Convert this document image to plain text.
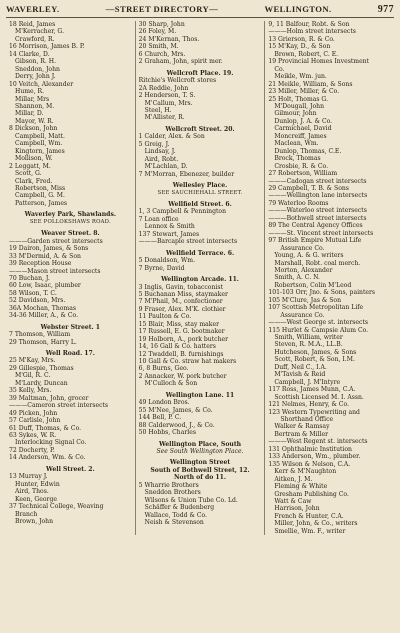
WAVERLEY.	—STREET DIRECTORY—	WELLINGTON.	977
18 Reid, James
M'Kerracher, G.
Crawford, R.
16 Morrison, James B. P.
14 Clarke, D.
Gibson, R. H.
Sneddon, John
Derry, John J.
10 Veitch, Alexander
Hume, R.
Millar, Mrs
Shannon, M.
Millar, D.
Mayor, W. R.
8 Dickson, John
Campbell, Matt.
Campbell, Wm.
Kingtorn, James
Mollison, W.
2 Leggatt, M.
Scott, G.
Clark, Fred.
Robertson, Miss
Campbell, G. M.
Patterson, James
Waverley Park, Shawlands.
SEE POLLOKSHAWS ROAD.
Weaver Street. 8.
———Garden street intersects
19 Dairon, James, & Sons
33 M'Dermid, A. & Son
39 Reception House
———Mason street intersects
70 Buchan, J.
60 Low, Isaac, plumber
58 Wilson, T. C.
52 Davidson, Mrs.
36A Mochan, Thomas
34-36 Miller, A., & Co.
Webster Street. 1
7 Thomson, William
29 Thomson, Harry L.
Well Road. 17.
25 M'Kay, Mrs.
29 Gillespie, Thomas
M'Gil, R. C.
M'Lardy, Duncan
35 Kelly, Mrs.
39 Maltman, John, grocer
———Cameron street intersects
49 Picken, John
57 Carlisle, John
61 Duff, Thomas, & Co.
63 Sykes, W. R.
Interlocking Signal Co.
72 Docherty, P.
14 Anderson, Wm. & Co.
Well Street. 2.
13 Murray J.
Hunter, Edwin
Aird, Thos.
Keen, George
37 Technical College, Weaving
Branch
Brown, John
30 Sharp, John
26 Foley, M.
24 M'Kernan, Thos.
20 Smith, M.
6 Church, Mrs.
2 Graham, John, spirit mer.
Wellcroft Place. 19.
Ritchie's Wellcroft stores
2A Reddie, John
2 Henderson, T. S.
M'Callum, Mrs.
Steel, H.
M'Allister, R.
Wellcroft Street. 20.
1 Calder, Alex. & Son
5 Greig, J.
Lindsay, J.
Aird, Robt.
M'Lachlan, D.
7 M'Morran, Ebenezer, builder
Wellesley Place.
SEE SAUCHIEHALL STREET.
Wellfield Street. 6.
1, 3 Campbell & Pennington
7 Loan office
Lennox & Smith
137 Stewart, James
———Barcaple street intersects
Wellfield Terrace. 6.
5 Donaldson, Wm.
7 Byrne, David
Wellington Arcade. 11.
3 Inglis, Gavin, tobacconist
5 Buchanan Miss, staymaker
7 M'Phail, M., confectioner
9 Fraser, Alex. M'K. clothier
11 Paulton & Co.
15 Blair, Miss, stay maker
17 Russell, E. G. bootmaker
19 Holborn, A., pork butcher
14, 16 Gall & Co. hatters
12 Twaddell, B. furnishings
10 Gall & Co. straw hat makers
6, 8 Burns, Geo.
2 Annacker, W. pork butcher
M'Culloch & Son
Wellington Lane. 11
49 London Bros.
55 M'Nee, James, & Co.
144 Bell, P. C.
88 Calderwood, J., & Co.
50 Hobbs, Charles
Wellington Place, South
See South Wellington Place.
Wellington Street
South of Bothwell Street, 12.
North of do 11.
5 Wharrie Brothers
Sneddon Brothers
Wilsons & Union Tube Co. Ld.
Schäffer & Budenberg
Wallace, Todd & Co.
Neish & Stevenson
9, 11 Balfour, Robt. & Son
———Holm street intersects
13 Grierson, R. & Co.
15 M'Kay, D., & Son
Brown, Robert, C. E.
19 Provincial Homes Investment
Co.
Meikle, Wm. jun.
21 Meikle, William, & Sons
23 Miller, Miller, & Co.
25 Holt, Thomas G.
M'Dougall, John
Gilmour, John
Dunlop, J. A. & Co.
Carmichael, David
Moncreiff, James
Maclean, Wm.
Dunlop, Thomas, C.E.
Brock, Thomas
Crosbie, R. & Co.
27 Robertson, William
———Cadogan street intersects
29 Campbell, T. B. & Sons
———Wellington lane intersects
79 Waterloo Rooms
———Waterloo street intersects
———Bothwell street intersects
89 The Central Agency Offices
———St. Vincent street intersects
97 British Empire Mutual Life
Assurance Co.
Young, A. & G. writers
Marshall, Robt. coal merch.
Morton, Alexander
Smith, A. C. N.
Robertson, Colin M'Leod
101-103 Orr, Jno. & Sons, painters
105 M'Clure, Jas & Son
107 Scottish Metropolitan Life
Assurance Co.
———West George st. intersects
115 Hurlet & Campsie Alum Co.
Smith, William, writer
Steven, R. M.A., LL.B.
Hutcheson, James, & Sons
Scott, Robert, & Son, I.M.
Duff, Neil C., I.A.
M'Tavish & Reid
Campbell, J. M'Intyre
117 Ross, James Munn, C.A.
Scottish Licensed M. I. Assn.
121 Nelmes, Henry, & Co.
123 Western Typewriting and
Shorthand Office
Walker & Ramsay
Bertram & Miller
———West Regent st. intersects
131 Ophthalmic Institution
133 Anderson, Wm., plumber.
135 Wilson & Nelson, C.A.
Kerr & M'Naughton
Aitken, J. M.
Fleming & White
Gresham Publishing Co.
Watt & Caw
Harrison, John
French & Hunter, C.A.
Miller, John, & Co., writers
Smellie, Wm. F., writer
